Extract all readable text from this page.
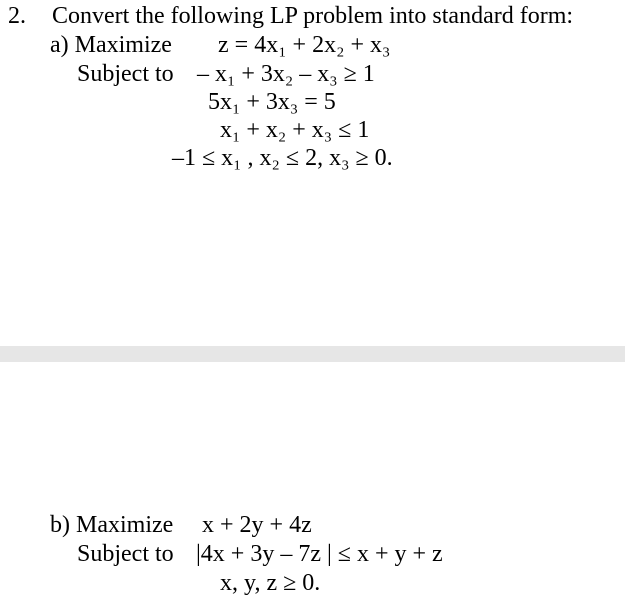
2. Convert the following LP problem into standard form:
a) Maximize z = 4x₁ + 2x₂ + x₃
Subject to – x₁ + 3x₂ – x₃ ≥ 1
5x₁ + 3x₃ = 5
x₁ + x₂ + x₃ ≤ 1
–1 ≤ x₁ , x₂ ≤ 2, x₃ ≥ 0.
b) Maximize x + 2y + 4z
Subject to |4x + 3y – 7z | ≤ x + y + z
x, y, z ≥ 0.
